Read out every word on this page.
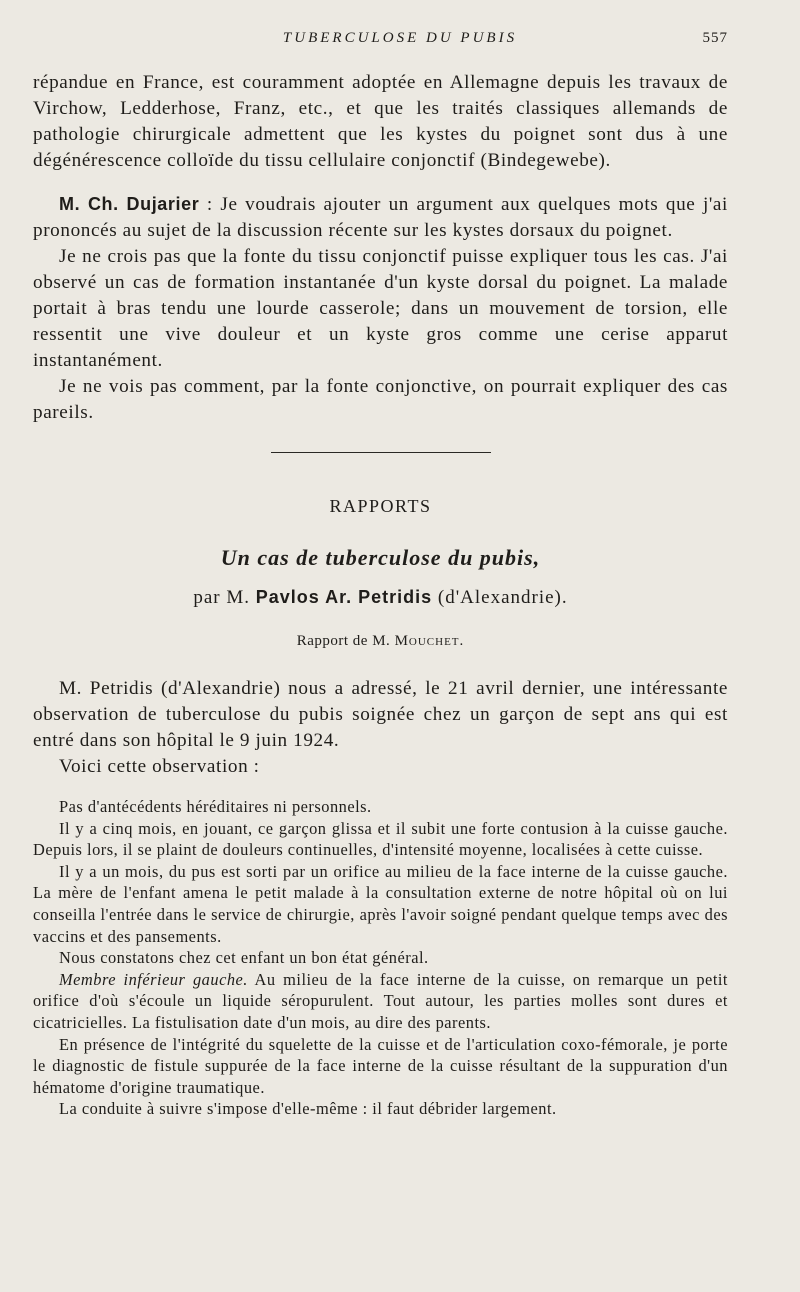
TUBERCULOSE DU PUBIS	557

répandue en France, est couramment adoptée en Allemagne depuis les travaux de Virchow, Ledderhose, Franz, etc., et que les traités classiques allemands de pathologie chirurgicale admettent que les kystes du poignet sont dus à une dégénérescence colloïde du tissu cellulaire conjonctif (Bindegewebe).

M. Ch. Dujarier : Je voudrais ajouter un argument aux quelques mots que j'ai prononcés au sujet de la discussion récente sur les kystes dorsaux du poignet.

Je ne crois pas que la fonte du tissu conjonctif puisse expliquer tous les cas. J'ai observé un cas de formation instantanée d'un kyste dorsal du poignet. La malade portait à bras tendu une lourde casserole; dans un mouvement de torsion, elle ressentit une vive douleur et un kyste gros comme une cerise apparut instantanément.

Je ne vois pas comment, par la fonte conjonctive, on pourrait expliquer des cas pareils.

RAPPORTS
Un cas de tuberculose du pubis,
par M. Pavlos Ar. Petridis (d'Alexandrie).
Rapport de M. Mouchet.

M. Petridis (d'Alexandrie) nous a adressé, le 21 avril dernier, une intéressante observation de tuberculose du pubis soignée chez un garçon de sept ans qui est entré dans son hôpital le 9 juin 1924.

Voici cette observation :

Pas d'antécédents héréditaires ni personnels.

Il y a cinq mois, en jouant, ce garçon glissa et il subit une forte contusion à la cuisse gauche. Depuis lors, il se plaint de douleurs continuelles, d'intensité moyenne, localisées à cette cuisse.

Il y a un mois, du pus est sorti par un orifice au milieu de la face interne de la cuisse gauche. La mère de l'enfant amena le petit malade à la consultation externe de notre hôpital où on lui conseilla l'entrée dans le service de chirurgie, après l'avoir soigné pendant quelque temps avec des vaccins et des pansements.

Nous constatons chez cet enfant un bon état général.

Membre inférieur gauche. Au milieu de la face interne de la cuisse, on remarque un petit orifice d'où s'écoule un liquide séropurulent. Tout autour, les parties molles sont dures et cicatricielles. La fistulisation date d'un mois, au dire des parents.

En présence de l'intégrité du squelette de la cuisse et de l'articulation coxo-fémorale, je porte le diagnostic de fistule suppurée de la face interne de la cuisse résultant de la suppuration d'un hématome d'origine traumatique.

La conduite à suivre s'impose d'elle-même : il faut débrider largement.
